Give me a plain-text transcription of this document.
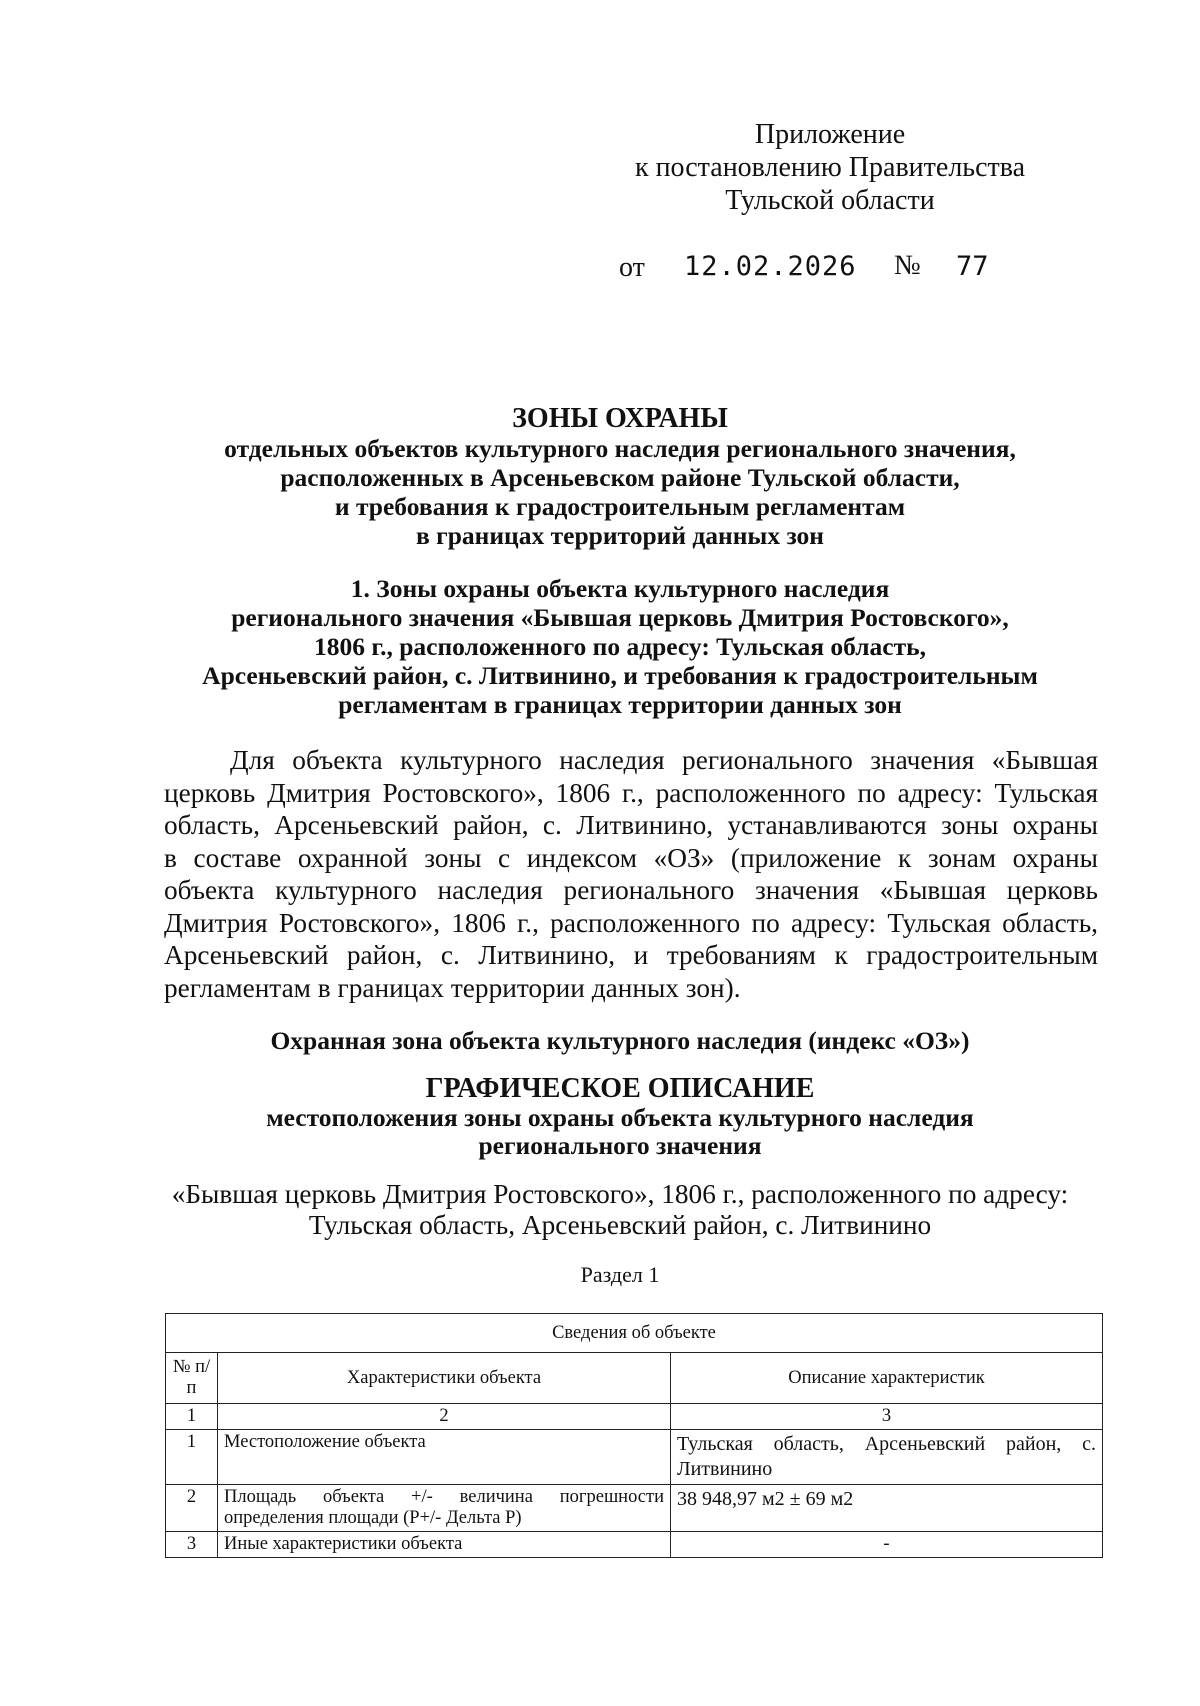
Приложение
к постановлению Правительства
Тульской области
от 12.02.2026 № 77
ЗОНЫ ОХРАНЫ
отдельных объектов культурного наследия регионального значения,
расположенных в Арсеньевском районе Тульской области,
и требования к градостроительным регламентам
в границах территорий данных зон
1. Зоны охраны объекта культурного наследия
регионального значения «Бывшая церковь Дмитрия Ростовского»,
1806 г., расположенного по адресу: Тульская область,
Арсеньевский район, с. Литвинино, и требования к градостроительным
регламентам в границах территории данных зон
Для объекта культурного наследия регионального значения «Бывшая
церковь Дмитрия Ростовского», 1806 г., расположенного по адресу: Тульская
область, Арсеньевский район, с. Литвинино, устанавливаются зоны охраны
в составе охранной зоны с индексом «ОЗ» (приложение к зонам охраны
объекта культурного наследия регионального значения «Бывшая церковь
Дмитрия Ростовского», 1806 г., расположенного по адресу: Тульская область,
Арсеньевский район, с. Литвинино, и требованиям к градостроительным
регламентам в границах территории данных зон).
Охранная зона объекта культурного наследия (индекс «ОЗ»)
ГРАФИЧЕСКОЕ ОПИСАНИЕ
местоположения зоны охраны объекта культурного наследия
регионального значения
«Бывшая церковь Дмитрия Ростовского», 1806 г., расположенного по адресу:
Тульская область, Арсеньевский район, с. Литвинино
Раздел 1
Сведения об объекте		
№ п/п	Характеристики объекта	Описание характеристик
1	2	3
1	Местоположение объекта	Тульская область, Арсеньевский район, с. Литвинино
2	Площадь объекта +/- величина погрешности определения площади (P+/- Дельта P)	38 948,97 м2 ± 69 м2
3	Иные характеристики объекта	-
